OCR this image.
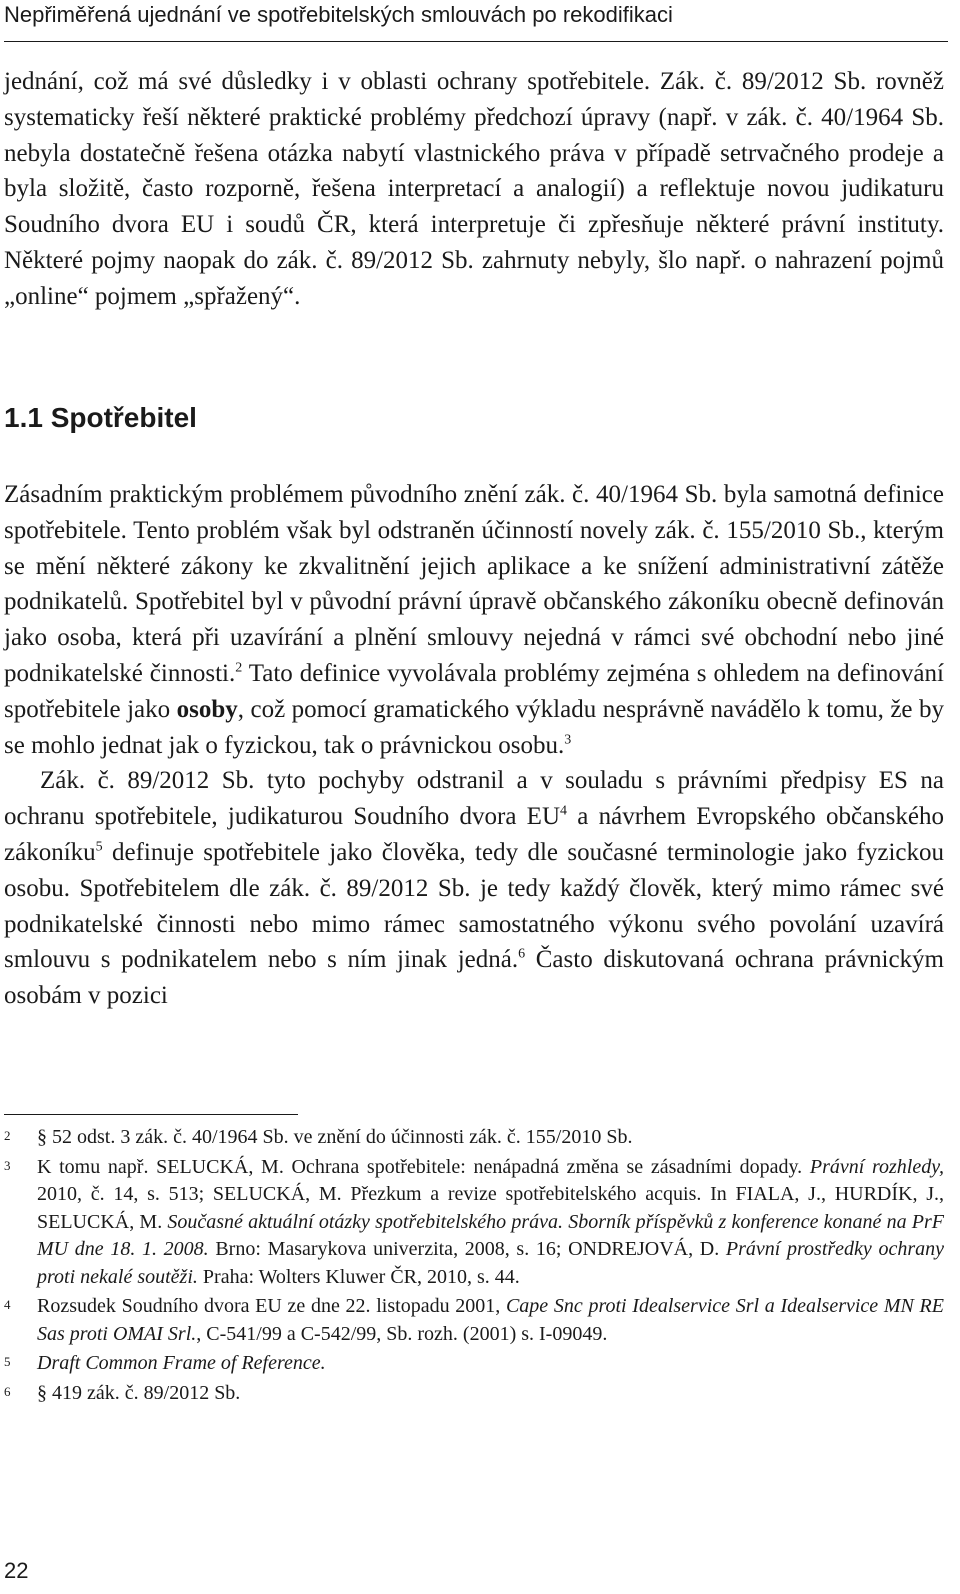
Nepřiměřená ujednání ve spotřebitelských smlouvách po rekodifikaci

jednání, což má své důsledky i v oblasti ochrany spotřebitele. Zák. č. 89/2012 Sb. rovněž systematicky řeší některé praktické problémy předchozí úpravy (např. v zák. č. 40/1964 Sb. nebyla dostatečně řešena otázka nabytí vlastnického práva v případě setrvačného prodeje a byla složitě, často rozporně, řešena interpretací a analogií) a reflektuje novou judikaturu Soudního dvora EU i soudů ČR, která interpretuje či zpřesňuje některé právní instituty. Některé pojmy naopak do zák. č. 89/2012 Sb. zahrnuty nebyly, šlo např. o nahrazení pojmů „online“ pojmem „spřažený“.

1.1 Spotřebitel

Zásadním praktickým problémem původního znění zák. č. 40/1964 Sb. byla samotná definice spotřebitele. Tento problém však byl odstraněn účinností novely zák. č. 155/2010 Sb., kterým se mění některé zákony ke zkvalitnění jejich aplikace a ke snížení administrativní zátěže podnikatelů. Spotřebitel byl v původní právní úpravě občanského zákoníku obecně definován jako osoba, která při uzavírání a plnění smlouvy nejedná v rámci své obchodní nebo jiné podnikatelské činnosti.$^2$ Tato definice vyvolávala problémy zejména s ohledem na definování spotřebitele jako osoby, což pomocí gramatického výkladu nesprávně navádělo k tomu, že by se mohlo jednat jak o fyzickou, tak o právnickou osobu.$^3$

Zák. č. 89/2012 Sb. tyto pochyby odstranil a v souladu s právními předpisy ES na ochranu spotřebitele, judikaturou Soudního dvora $EU^4$ a návrhem Evropského občanského zákoníku$^5$ definuje spotřebitele jako člověka, tedy dle současné terminologie jako fyzickou osobu. Spotřebitelem dle zák. č. 89/2012 Sb. je tedy každý člověk, který mimo rámec své podnikatelské činnosti nebo mimo rámec samostatného výkonu svého povolání uzavírá smlouvu s podnikatelem nebo s ním jinak jedná.$^6$ Často diskutovaná ochrana právnickým osobám v pozici

2 § 52 odst. 3 zák. č. 40/1964 Sb. ve znění do účinnosti zák. č. 155/2010 Sb.
3 K tomu např. SELUCKÁ, M. Ochrana spotřebitele: nenápadná změna se zásadními dopady. Právní rozhledy, 2010, č. 14, s. 513; SELUCKÁ, M. Přezkum a revize spotřebitelského acquis. In FIALA, J., HURDÍK, J., SELUCKÁ, M. Současné aktuální otázky spotřebitelského práva. Sborník příspěvků z konference konané na PrF MU dne 18. 1. 2008. Brno: Masarykova univerzita, 2008, s. 16; ONDREJOVÁ, D. Právní prostředky ochrany proti nekalé soutěži. Praha: Wolters Kluwer ČR, 2010, s. 44.
4 Rozsudek Soudního dvora EU ze dne 22. listopadu 2001, Cape Snc proti Idealservice Srl a Idealservice MN RE Sas proti OMAI Srl., C-541/99 a C-542/99, Sb. rozh. (2001) s. I-09049.
5 Draft Common Frame of Reference.
6 § 419 zák. č. 89/2012 Sb.
22
